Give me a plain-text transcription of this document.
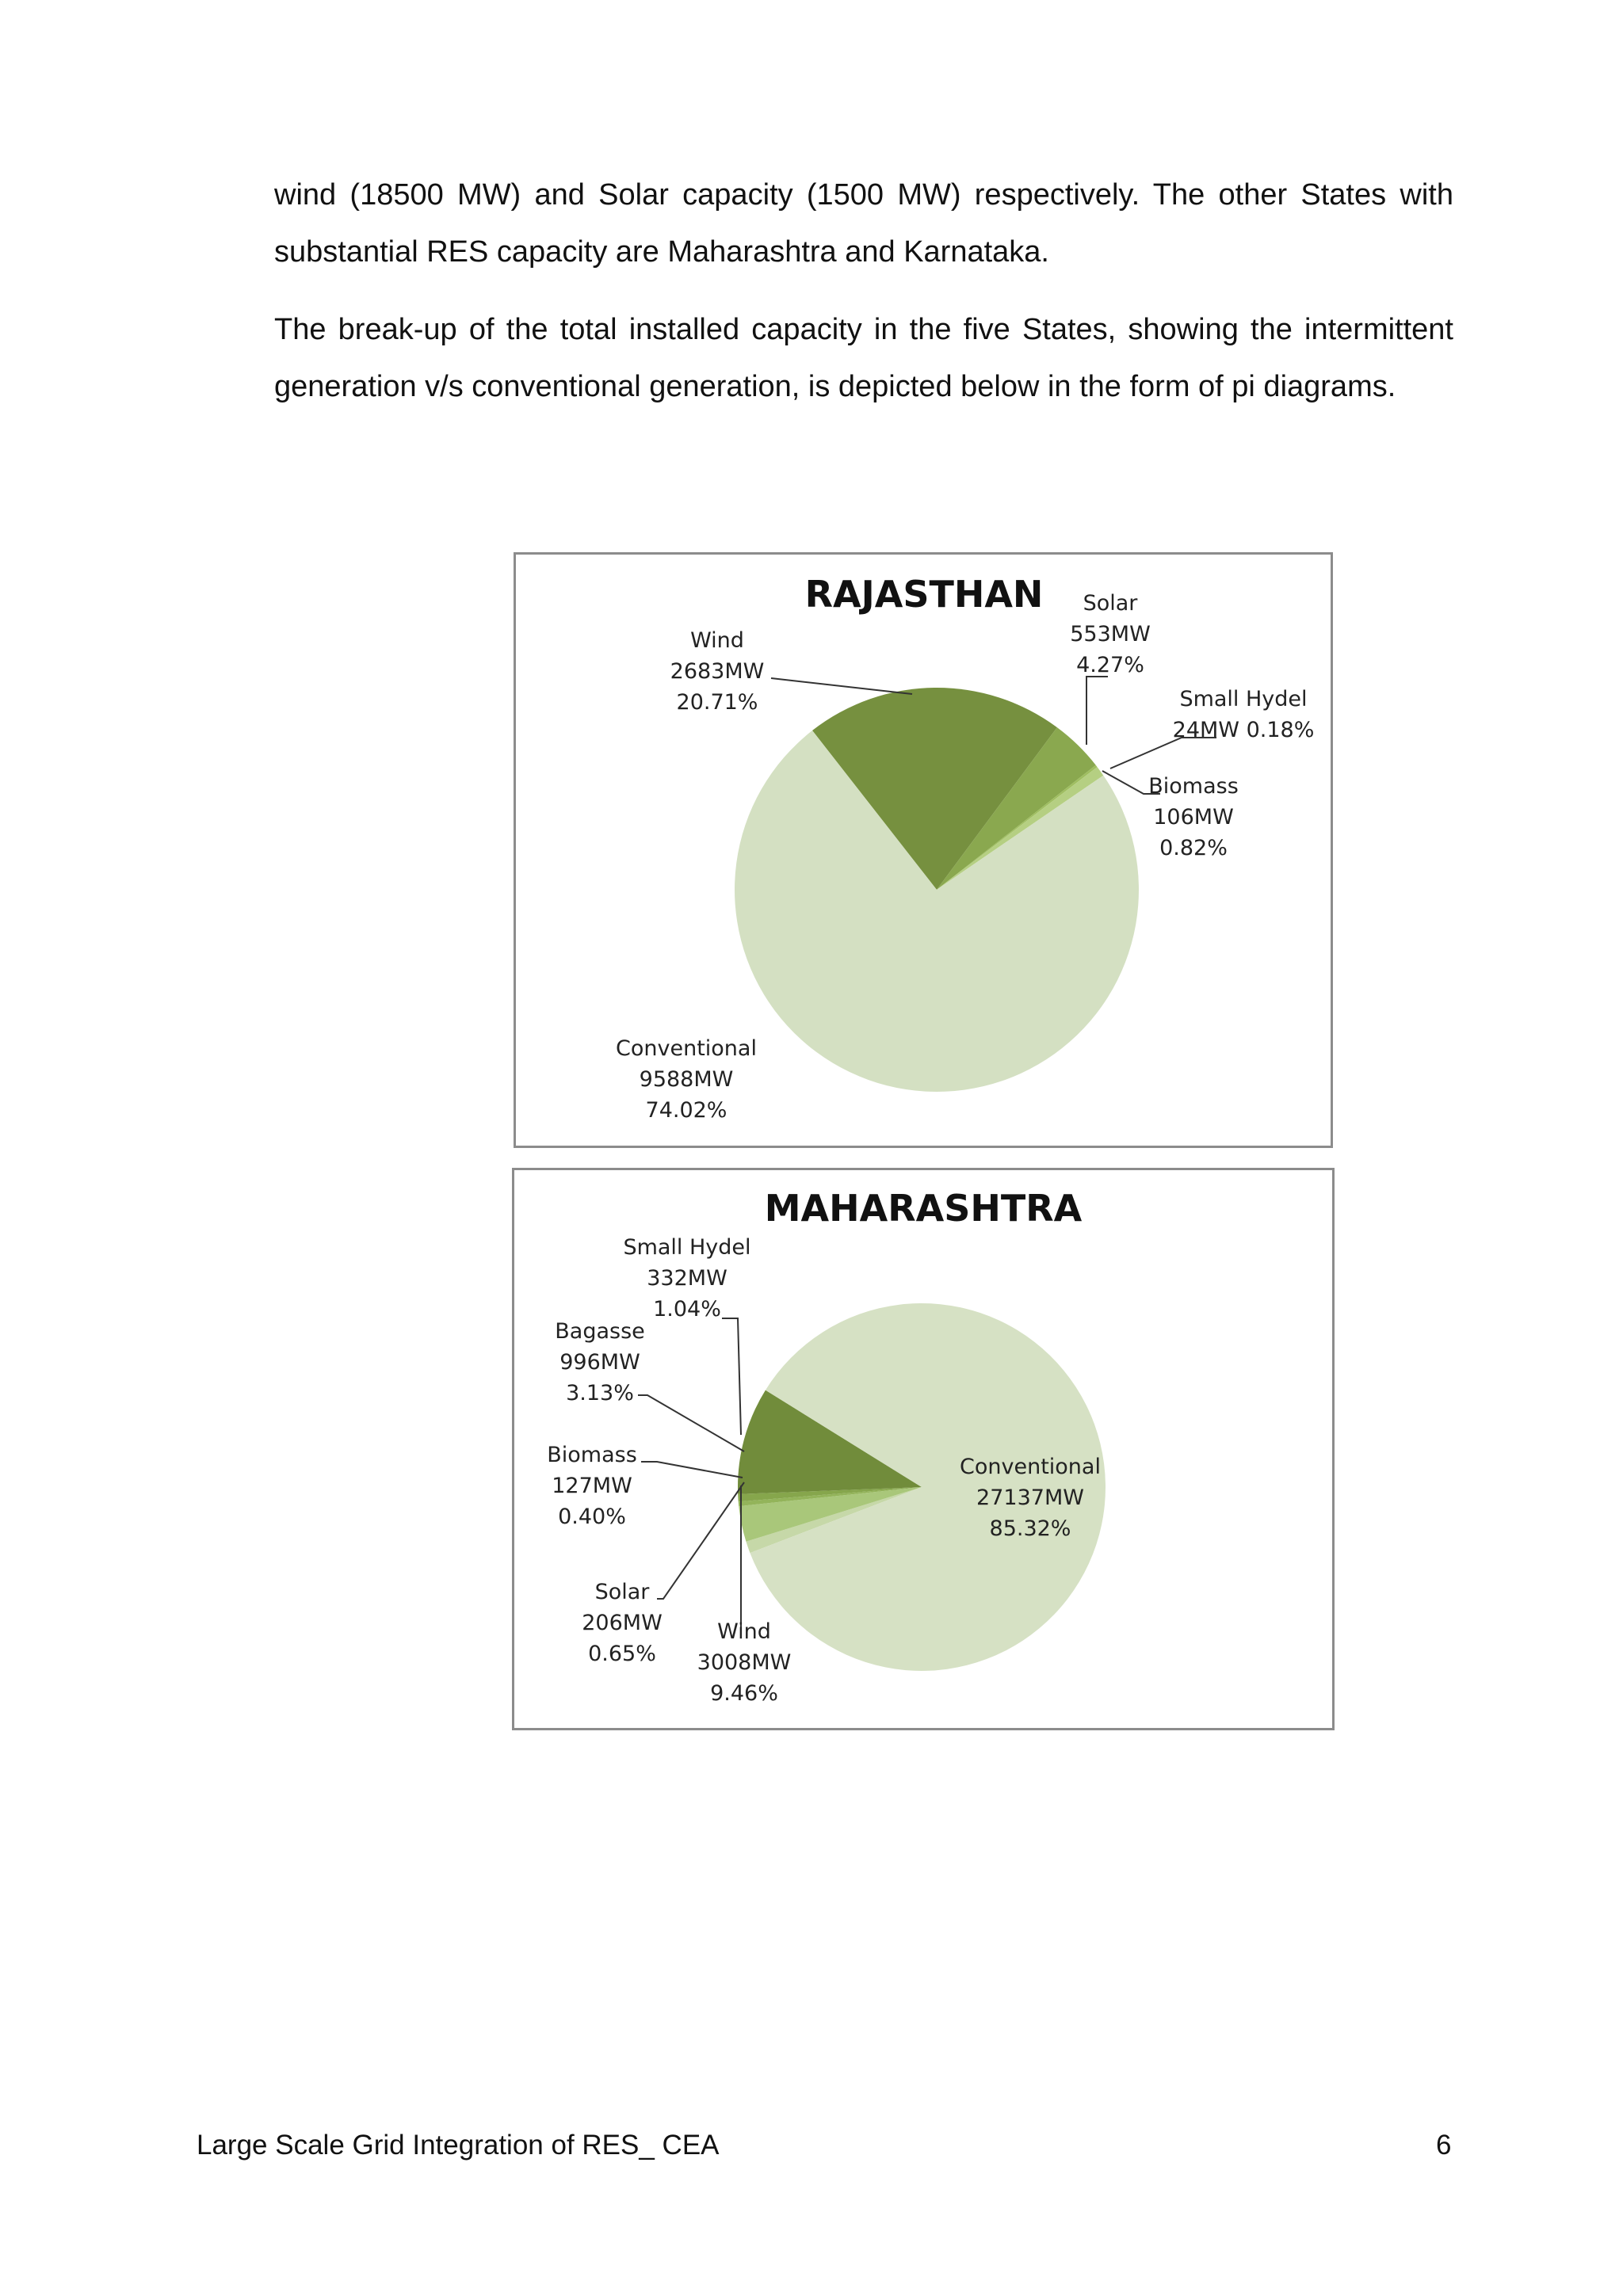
wind (18500 MW) and Solar capacity (1500 MW) respectively. The other States with substantial RES capacity are Maharashtra and Karnataka.

The break-up of the total installed capacity in the five States, showing the intermittent generation v/s conventional generation, is depicted below in the form of pi diagrams.

RAJASTHAN
Wind 2683MW 20.71%
Solar 553MW 4.27%
Small Hydel 24MW 0.18%
Biomass 106MW 0.82%
Conventional 9588MW 74.02%
MAHARASHTRA
Small Hydel 332MW 1.04%
Bagasse 996MW 3.13%
Biomass 127MW 0.40%
Solar 206MW 0.65%
Wind 3008MW 9.46%
Conventional 27137MW 85.32%
Large Scale Grid Integration of RES_ CEA	6
